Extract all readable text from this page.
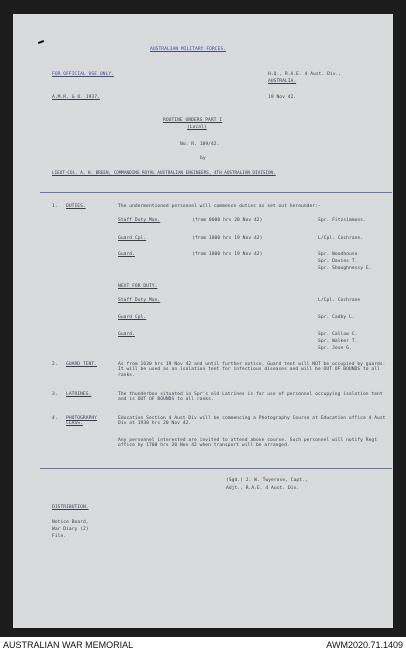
AUSTRALIAN MILITARY FORCES.
FOR OFFICIAL USE ONLY.	H.Q., R.A.E. 4 Aust. Div.,
AUSTRALIA.
A.M.R. & O. 1937.	19 Nov 42.
ROUTINE ORDERS PART I
(Local)
No. R. 189/42.
by
LIEUT-COL. A. H. BREEN, COMMANDING ROYAL AUSTRALIAN ENGINEERS, 4TH AUSTRALIAN DIVISION.
1. DUTIES.	The undermentioned personnel will commence duties as set out hereunder:-
Staff Duty Man.	(from 0600 hrs 20 Nov 42)	Spr. Fitzsimmons.
Guard Cpl.	(from 1800 hrs 19 Nov 42)	L/Cpl. Cochrane.
Guard.	(from 1800 hrs 19 Nov 42)	Spr. Woodhouse
Spr. Davies T.
Spr. Shaughnessy E.
NEXT FOR DUTY.
Staff Duty Man.	L/Cpl. Cochrane
Guard Cpl.	Spr. Cadby L.
Guard.	Spr. Callow C.
Spr. Walker T.
Spr. Jose G.
2. GUARD TENT.	As from 1630 hrs 19 Nov 42 and until further notice, Guard tent will NOT be occupied by guards. It will be used as an isolation tent for infectious diseases and will be OUT OF BOUNDS to all ranks.
3. LATRINES.	The thunderbox situated in Spr's old Latrines is for use of personnel occupying isolation tent and is OUT OF BOUNDS to all ranks.
4. PHOTOGRAPHY CLASS.
Education Section 4 Aust Div will be commencing a Photography Course at Education office 4 Aust Div at 1930 hrs 20 Nov 42.
Any personnel interested are invited to attend above course. Such personnel will notify Regt office by 1700 hrs 20 Nov 42 when transport will be arranged.
(Sgd.) J. W. Twyerose, Capt.,
Adjt., R.A.E. 4 Aust. Div.
DISTRIBUTION.
Notice Board,
War Diary (2)
File.
AUSTRALIAN WAR MEMORIAL	AWM2020.71.1409
